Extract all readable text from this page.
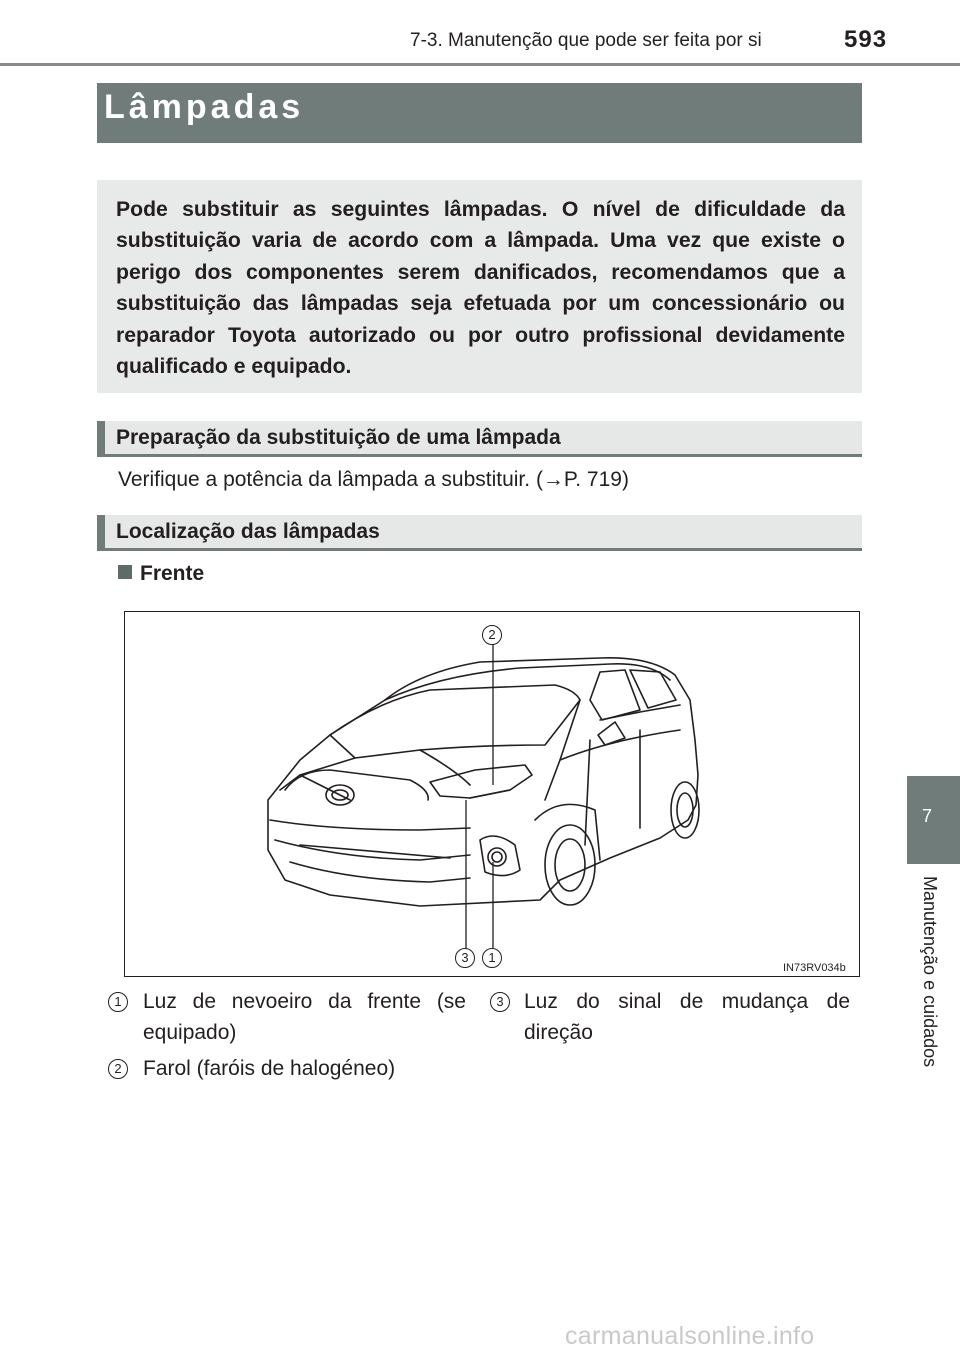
7-3. Manutenção que pode ser feita por si	593
Lâmpadas
Pode substituir as seguintes lâmpadas. O nível de dificuldade da substituição varia de acordo com a lâmpada. Uma vez que existe o perigo dos componentes serem danificados, recomendamos que a substituição das lâmpadas seja efetuada por um concessionário ou reparador Toyota autorizado ou por outro profissional devidamente qualificado e equipado.
Preparação da substituição de uma lâmpada
Verifique a potência da lâmpada a substituir. (→P. 719)
Localização das lâmpadas
Frente
2
3	1
IN73RV034b
1	Luz de nevoeiro da frente (se equipado)
2	Farol (faróis de halogéneo)
3 Luz do sinal de mudança de direção
7
Manutenção e cuidados
carmanualsonline.info
